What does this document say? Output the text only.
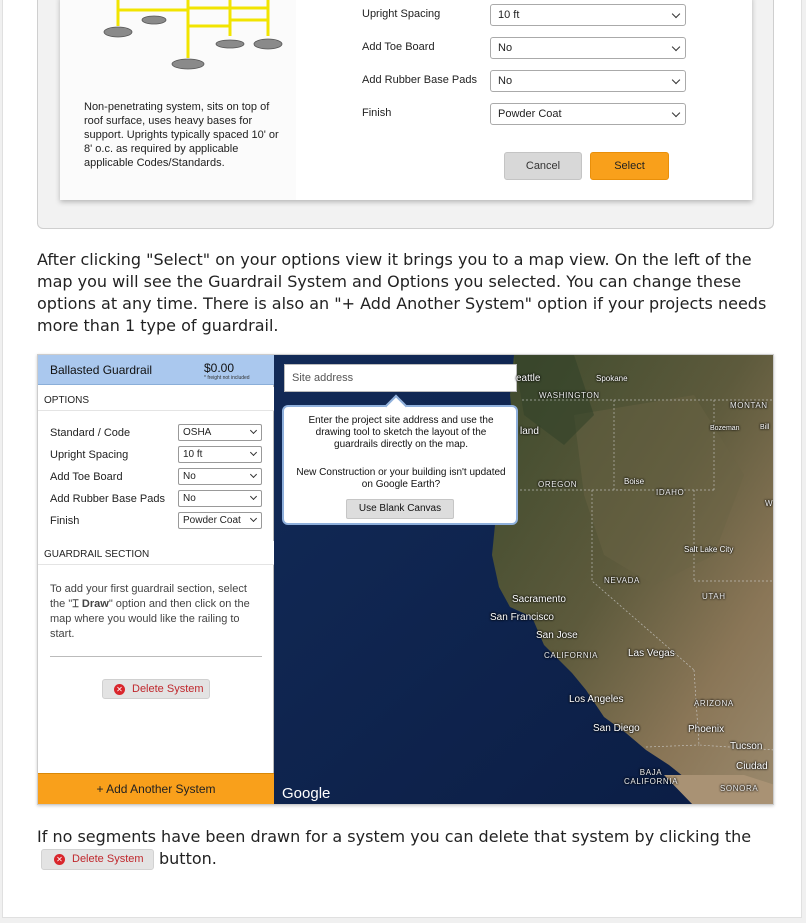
Non-penetrating system, sits on top of roof surface, uses heavy bases for support. Uprights typically spaced 10' or 8' o.c. as required by applicable applicable Codes/Standards.
Upright Spacing	10 ft
Add Toe Board	No
Add Rubber Base Pads	No
Finish	Powder Coat
Cancel	Select

After clicking "Select" on your options view it brings you to a map view. On the left of the map you will see the Guardrail System and Options you selected. You can change these options at any time. There is also an "+ Add Another System" option if your projects needs more than 1 type of guardrail.

Ballasted Guardrail	$0.00
* freight not included
OPTIONS
Standard / Code	OSHA
Upright Spacing	10 ft
Add Toe Board	No
Add Rubber Base Pads	No
Finish	Powder Coat
GUARDRAIL SECTION
To add your first guardrail section, select the "⌶ Draw" option and then click on the map where you would like the railing to start.
✕ Delete System
+ Add Another System
Site address
Enter the project site address and use the drawing tool to sketch the layout of the guardrails directly on the map.
New Construction or your building isn't updated on Google Earth?
Use Blank Canvas
eattle	Spokane
WASHINGTON
MONTAN
Bozeman	Bill
land
OREGON	Boise
IDAHO
W
Salt Lake City
NEVADA
UTAH
Sacramento
San Francisco
San Jose
CALIFORNIA	Las Vegas
Los Angeles	ARIZONA
San Diego	Phoenix
Tucson
BAJA
CALIFORNIA
Ciudad
SONORA
Google

If no segments have been drawn for a system you can delete that system by clicking the

✕ Delete System button.
